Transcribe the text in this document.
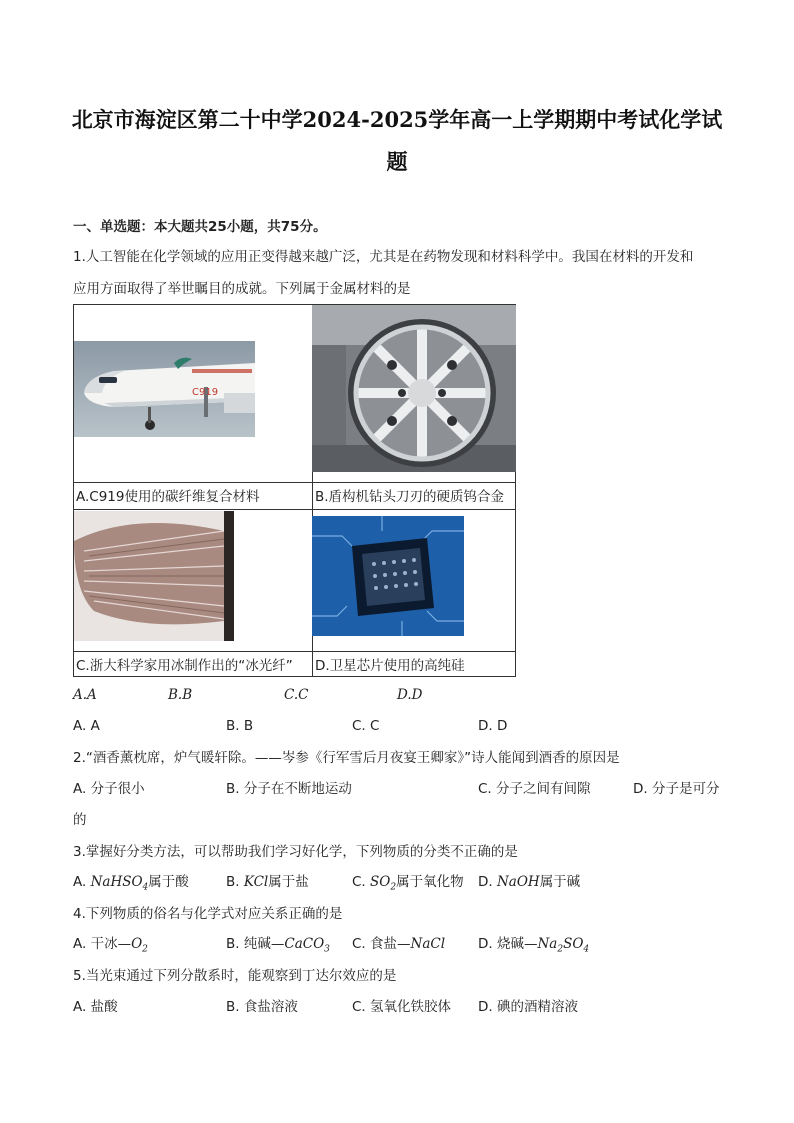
北京市海淀区第二十中学2024-2025学年高一上学期期中考试化学试
题
一、单选题：本大题共25小题，共75分。
1.人工智能在化学领域的应用正变得越来越广泛，尤其是在药物发现和材料科学中。我国在材料的开发和
应用方面取得了举世瞩目的成就。下列属于金属材料的是
C919
A.C919使用的碳纤维复合材料	B.盾构机钻头刀刃的硬质钨合金
C.浙大科学家用冰制作出的“冰光纤” D.卫星芯片使用的高纯硅
A.A	B.B	C.C	D.D
A. A	B. B	C. C	D. D
2.“酒香薰枕席，炉气暖轩除。——岑参《行军雪后月夜宴王卿家》”诗人能闻到酒香的原因是
A. 分子很小	B. 分子在不断地运动	C. 分子之间有间隙	D. 分子是可分
的
3.掌握好分类方法，可以帮助我们学习好化学，下列物质的分类不正确的是
A. NaHSO$_4$属于酸	B. KCl属于盐	C. $SO_2$属于氧化物 D. NaOH属于碱
4.下列物质的俗名与化学式对应关系正确的是
A. 干冰$—O_2$	B. 纯碱—CaCO$_3$ C. 食盐—NaCl D. 烧碱$—Na_2SO_4$
5.当光束通过下列分散系时，能观察到丁达尔效应的是
A. 盐酸	B. 食盐溶液	C. 氢氧化铁胶体 D. 碘的酒精溶液
